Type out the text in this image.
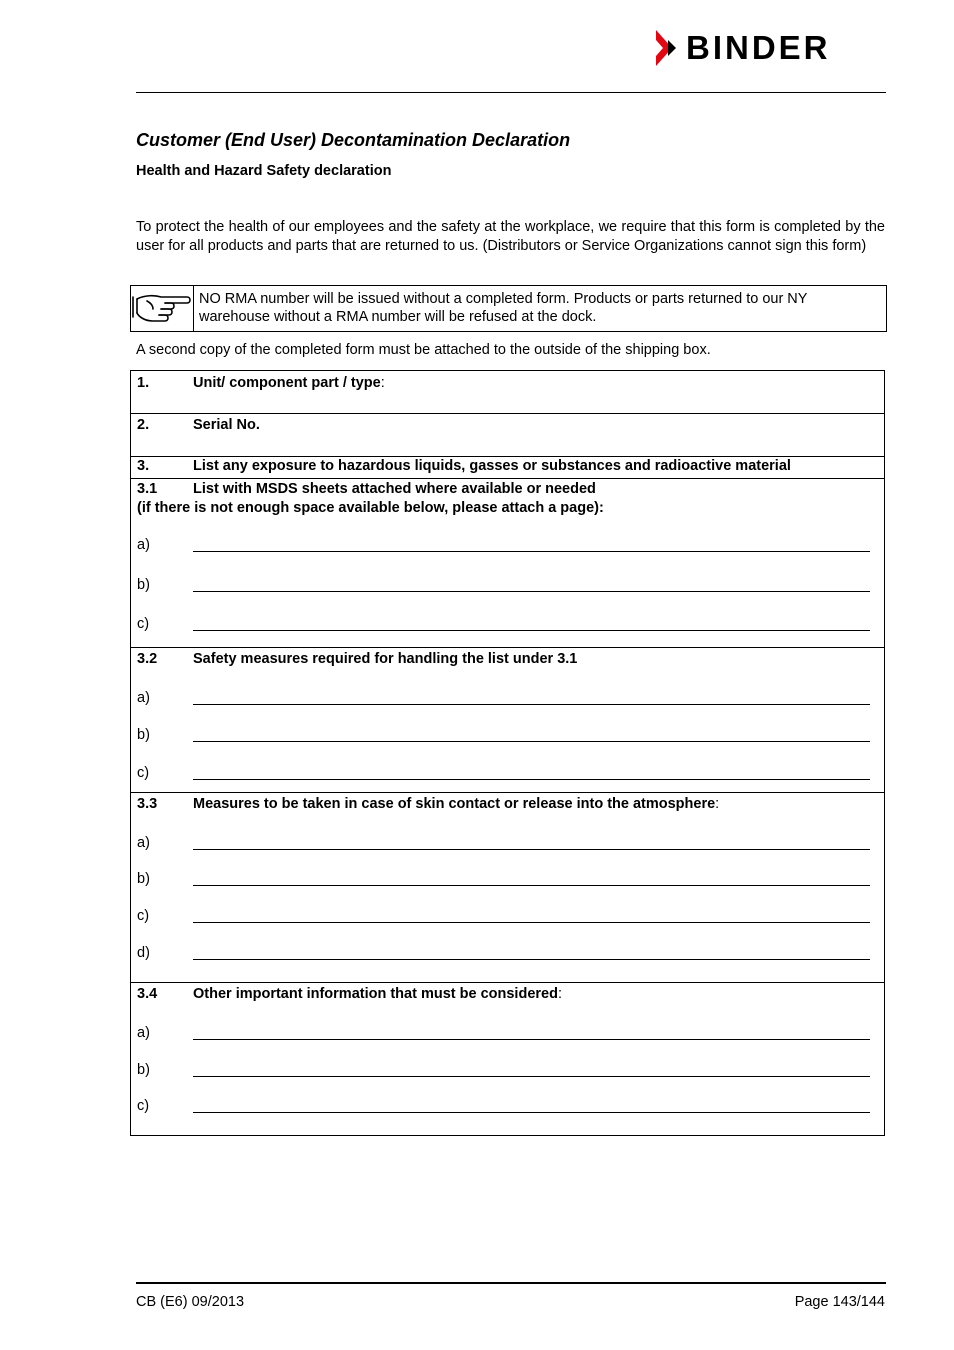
BINDER
Customer (End User) Decontamination Declaration
Health and Hazard Safety declaration
To protect the health of our employees and the safety at the workplace, we require that this form is completed by the user for all products and parts that are returned to us. (Distributors or Service Organizations cannot sign this form)
NO RMA number will be issued without a completed form. Products or parts returned to our NY warehouse without a RMA number will be refused at the dock.
A second copy of the completed form must be attached to the outside of the shipping box.
1.	Unit/ component part / type:
2.	Serial No.
3.	List any exposure to hazardous liquids, gasses or substances and radioactive material
3.1 List with MSDS sheets attached where available or needed
(if there is not enough space available below, please attach a page):
a)
b)
c)
3.2 Safety measures required for handling the list under 3.1
a)
b)
c)
3.3 Measures to be taken in case of skin contact or release into the atmosphere:
a)
b)
c)
d)
3.4 Other important information that must be considered:
a)
b)
c)
CB (E6) 09/2013	Page 143/144
